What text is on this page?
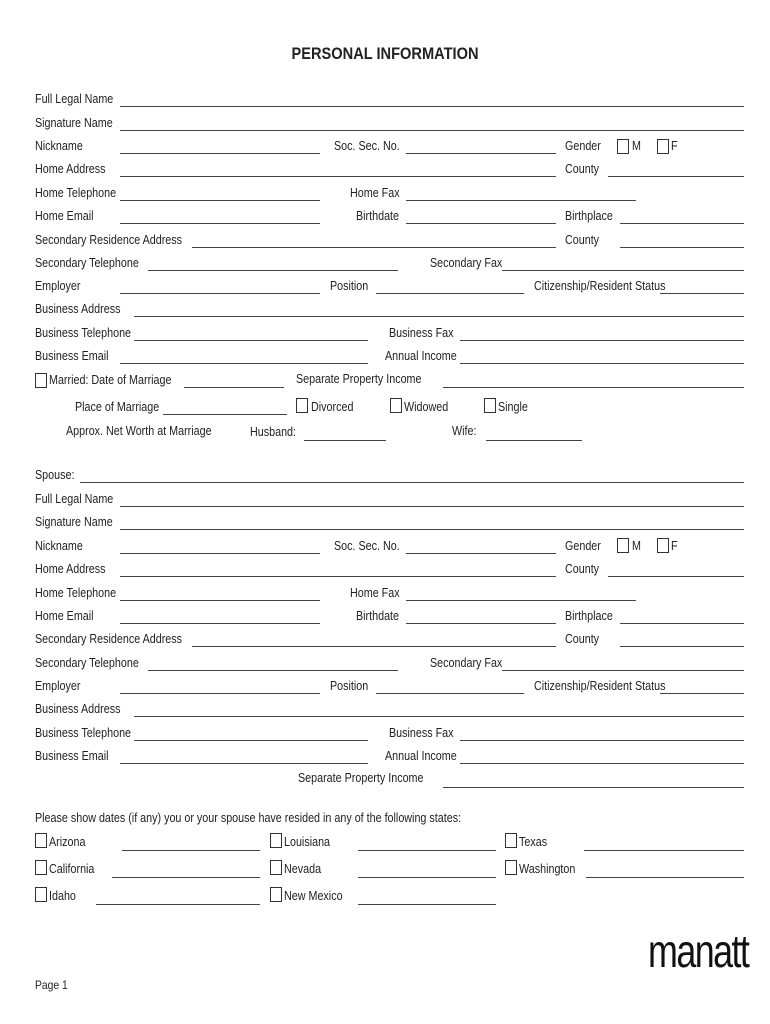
PERSONAL INFORMATION
Full Legal Name
Signature Name
Nickname	Soc. Sec. No.	Gender M F
Home Address	County
Home Telephone	Home Fax
Home Email	Birthdate	Birthplace
Secondary Residence Address	County
Secondary Telephone	Secondary Fax
Employer	Position	Citizenship/Resident Status
Business Address
Business Telephone	Business Fax
Business Email	Annual Income
Married: Date of Marriage	Separate Property Income
Place of Marriage	Divorced	Widowed	Single
Approx. Net Worth at Marriage	Husband:	Wife:
Spouse:
Full Legal Name
Signature Name
Nickname	Soc. Sec. No.	Gender M F
Home Address	County
Home Telephone	Home Fax
Home Email	Birthdate	Birthplace
Secondary Residence Address	County
Secondary Telephone	Secondary Fax
Employer	Position	Citizenship/Resident Status
Business Address
Business Telephone	Business Fax
Business Email	Annual Income
Separate Property Income
Please show dates (if any) you or your spouse have resided in any of the following states:
Arizona	Louisiana	Texas
California	Nevada	Washington
Idaho	New Mexico
manatt
Page 1
